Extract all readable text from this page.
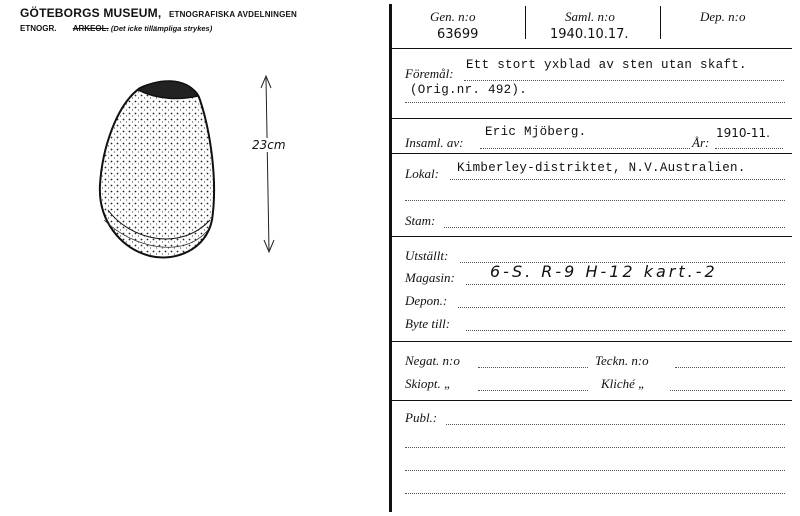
GÖTEBORGS MUSEUM, ETNOGRAFISKA AVDELNINGEN
ETNOGR. ARKEOL. (Det icke tillämpliga strykes)
23cm
Gen. n:o
63699
Saml. n:o
1940.10.17.
Dep. n:o
Föremål:
Ett stort yxblad av sten utan skaft.
(Orig.nr. 492).
Insaml. av:
Eric Mjöberg.
År:
1910-11.
Lokal: Kimberley-distriktet, N.V.Australien.
Stam:
Utställt:
Magasin: 6-S. R-9 H-12 kart.-2
Depon.:
Byte till:
Negat. n:o	Teckn. n:o
Skiopt. „	Kliché „
Publ.:
